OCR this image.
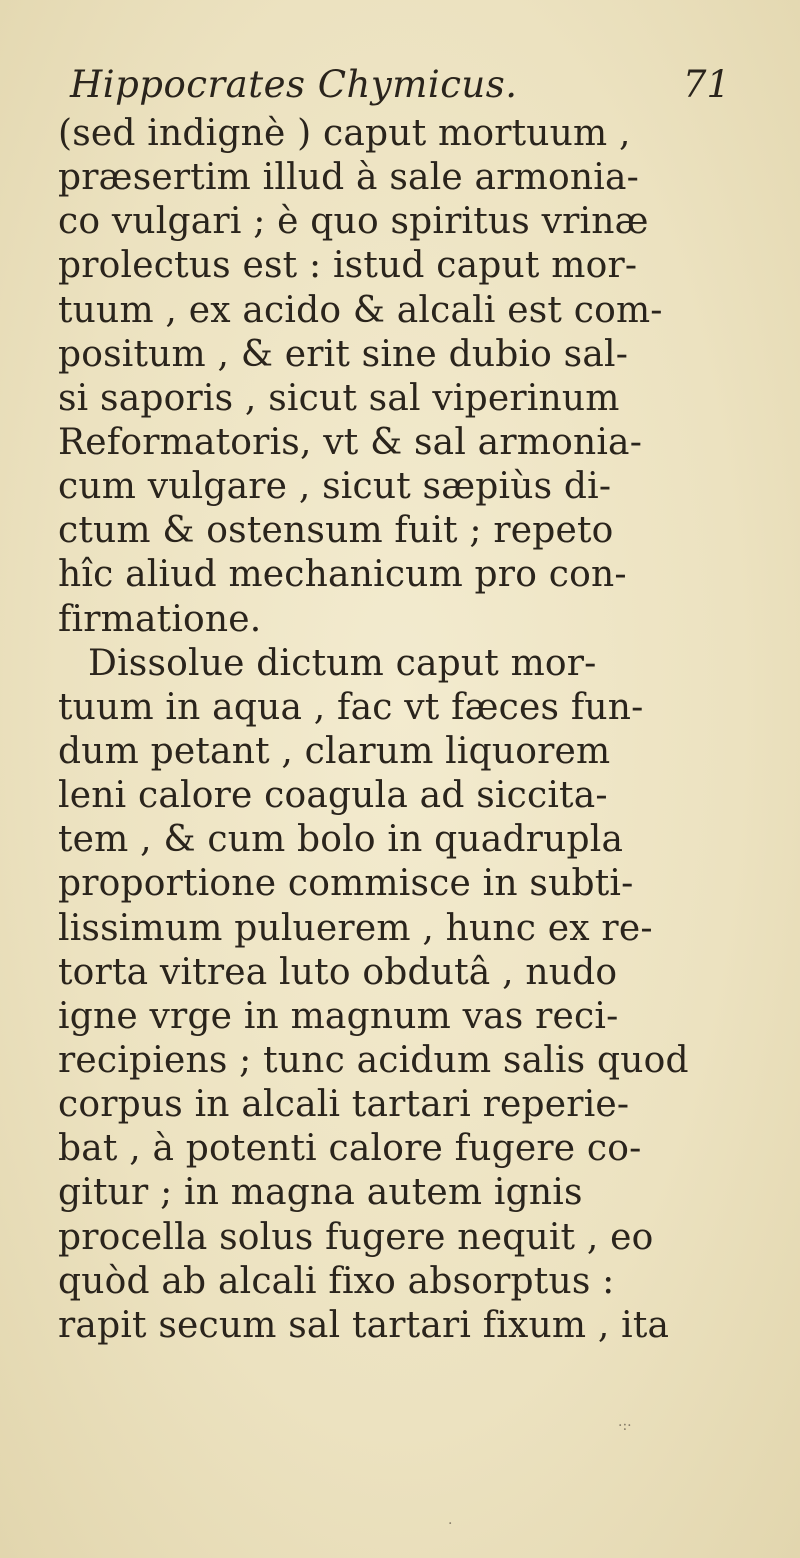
Hippocrates Chymicus.	71
(sed indignè ) caput mortuum ,
præsertim illud à sale armonia-
co vulgari ; è quo spiritus vrinæ
prolectus est : istud caput mor-
tuum , ex acido & alcali est com-
positum , & erit sine dubio sal-
si saporis , sicut sal viperinum
Reformatoris, vt & sal armonia-
cum vulgare , sicut sæpiùs di-
ctum & ostensum fuit ; repeto
hîc aliud mechanicum pro con-
firmatione.
Dissolue dictum caput mor-
tuum in aqua , fac vt fæces fun-
dum petant , clarum liquorem
leni calore coagula ad siccita-
tem , & cum bolo in quadrupla
proportione commisce in subti-
lissimum puluerem , hunc ex re-
torta vitrea luto obdutâ , nudo
igne vrge in magnum vas reci-
recipiens ; tunc acidum salis quod
corpus in alcali tartari reperie-
bat , à potenti calore fugere co-
gitur ; in magna autem ignis
procella solus fugere nequit , eo
quòd ab alcali fixo absorptus :
rapit secum sal tartari fixum , ita
·:·
·
